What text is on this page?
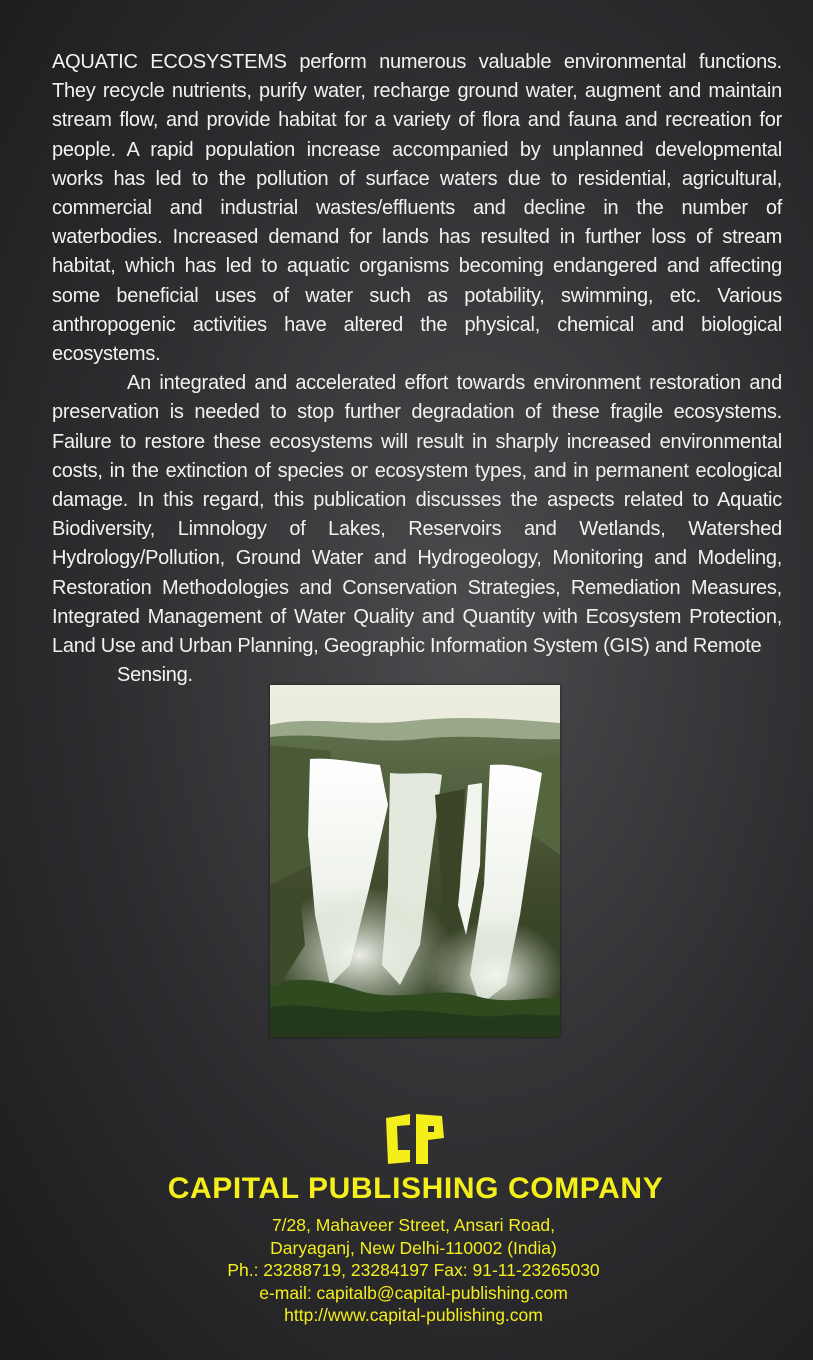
AQUATIC ECOSYSTEMS perform numerous valuable environmental functions. They recycle nutrients, purify water, recharge ground water, augment and maintain stream flow, and provide habitat for a variety of flora and fauna and recreation for people. A rapid population increase accompanied by unplanned developmental works has led to the pollution of surface waters due to residential, agricultural, commercial and industrial wastes/effluents and decline in the number of waterbodies. Increased demand for lands has resulted in further loss of stream habitat, which has led to aquatic organisms becoming endangered and affecting some beneficial uses of water such as potability, swimming, etc. Various anthropogenic activities have altered the physical, chemical and biological ecosystems.

An integrated and accelerated effort towards environment restoration and preservation is needed to stop further degradation of these fragile ecosystems. Failure to restore these ecosystems will result in sharply increased environmental costs, in the extinction of species or ecosystem types, and in permanent ecological damage. In this regard, this publication discusses the aspects related to Aquatic Biodiversity, Limnology of Lakes, Reservoirs and Wetlands, Watershed Hydrology/Pollution, Ground Water and Hydrogeology, Monitoring and Modeling, Restoration Methodologies and Conservation Strategies, Remediation Measures, Integrated Management of Water Quality and Quantity with Ecosystem Protection, Land Use and Urban Planning, Geographic Information System (GIS) and Remote
Sensing.

CAPITAL PUBLISHING COMPANY
7/28, Mahaveer Street, Ansari Road,
Daryaganj, New Delhi-110002 (India)
Ph.: 23288719, 23284197 Fax: 91-11-23265030
e-mail: capitalb@capital-publishing.com
http://www.capital-publishing.com
